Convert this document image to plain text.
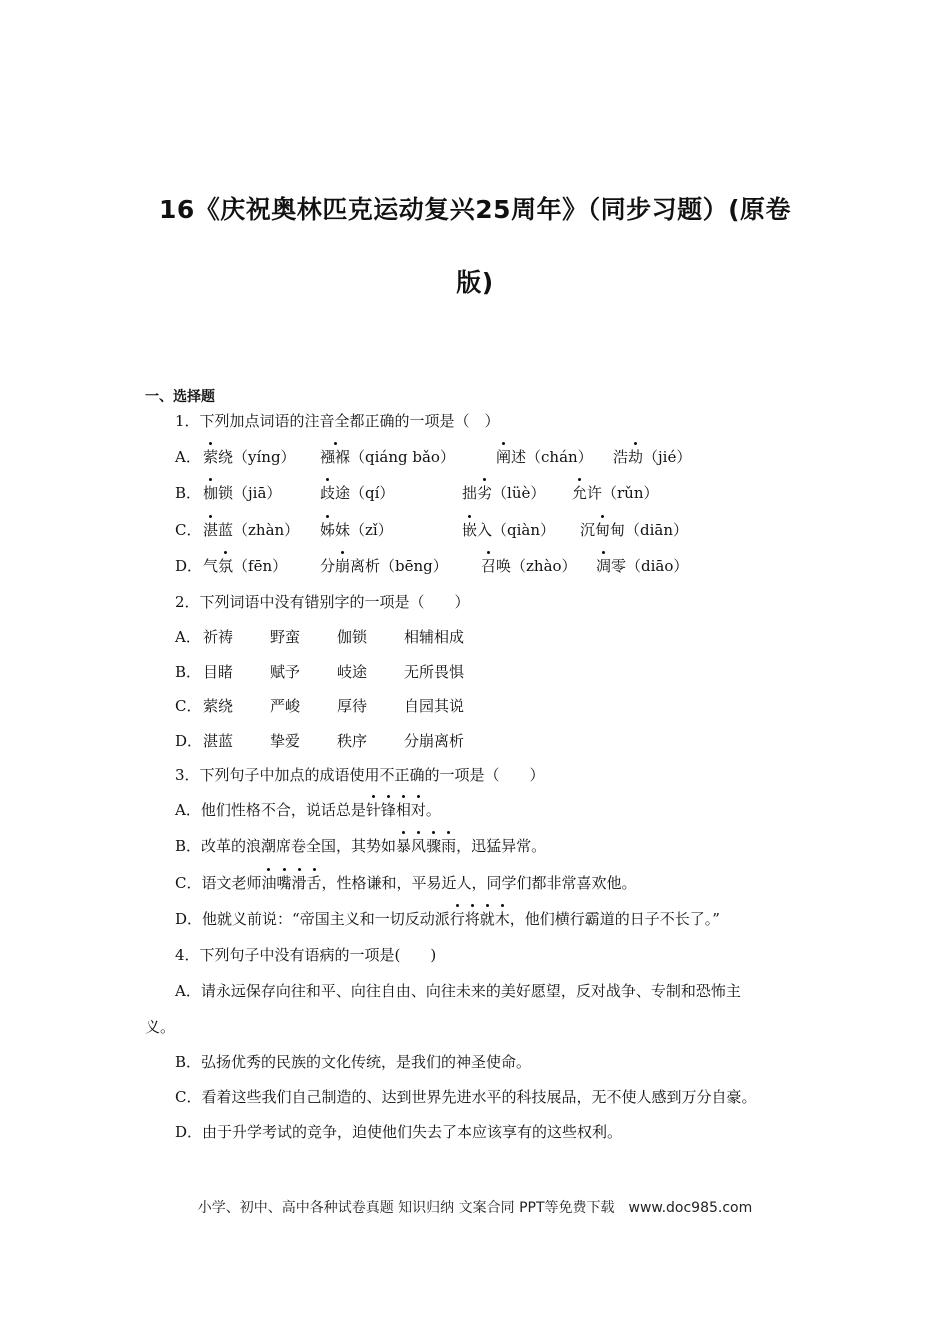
16《庆祝奥林匹克运动复兴25周年》（同步习题）(原卷
版)
一、选择题
1．下列加点词语的注音全都正确的一项是（　）
A． 萦绕（yíng） 襁褓（qiáng bǎo）	阐述（chán） 浩劫（jié）
B． 枷锁（jiā）	歧途（qí）	拙劣（lüè） 允许（rǔn）
C． 湛蓝（zhàn） 姊妹（zǐ）	嵌入（qiàn） 沉甸甸（diān）
D． 气氛（fēn） 分崩离析（bēng） 召唤（zhào） 凋零（diāo）
2．下列词语中没有错别字的一项是（　　）
A． 祈祷 野蛮 伽锁 相辅相成
B． 目睹 赋予 岐途 无所畏惧
C． 萦绕 严峻 厚待 自园其说
D． 湛蓝 挚爱 秩序 分崩离析
3．下列句子中加点的成语使用不正确的一项是（　　）
A．他们性格不合，说话总是针锋相对。
B．改革的浪潮席卷全国，其势如暴风骤雨，迅猛异常。
C．语文老师油嘴滑舌，性格谦和，平易近人，同学们都非常喜欢他。
D．他就义前说：“帝国主义和一切反动派行将就木，他们横行霸道的日子不长了。”
4．下列句子中没有语病的一项是(　　)
A．请永远保存向往和平、向往自由、向往未来的美好愿望，反对战争、专制和恐怖主
义。
B．弘扬优秀的民族的文化传统，是我们的神圣使命。
C．看着这些我们自己制造的、达到世界先进水平的科技展品，无不使人感到万分自豪。
D．由于升学考试的竞争，迫使他们失去了本应该享有的这些权利。
小学、初中、高中各种试卷真题 知识归纳 文案合同 PPT等免费下载　www.doc985.com
